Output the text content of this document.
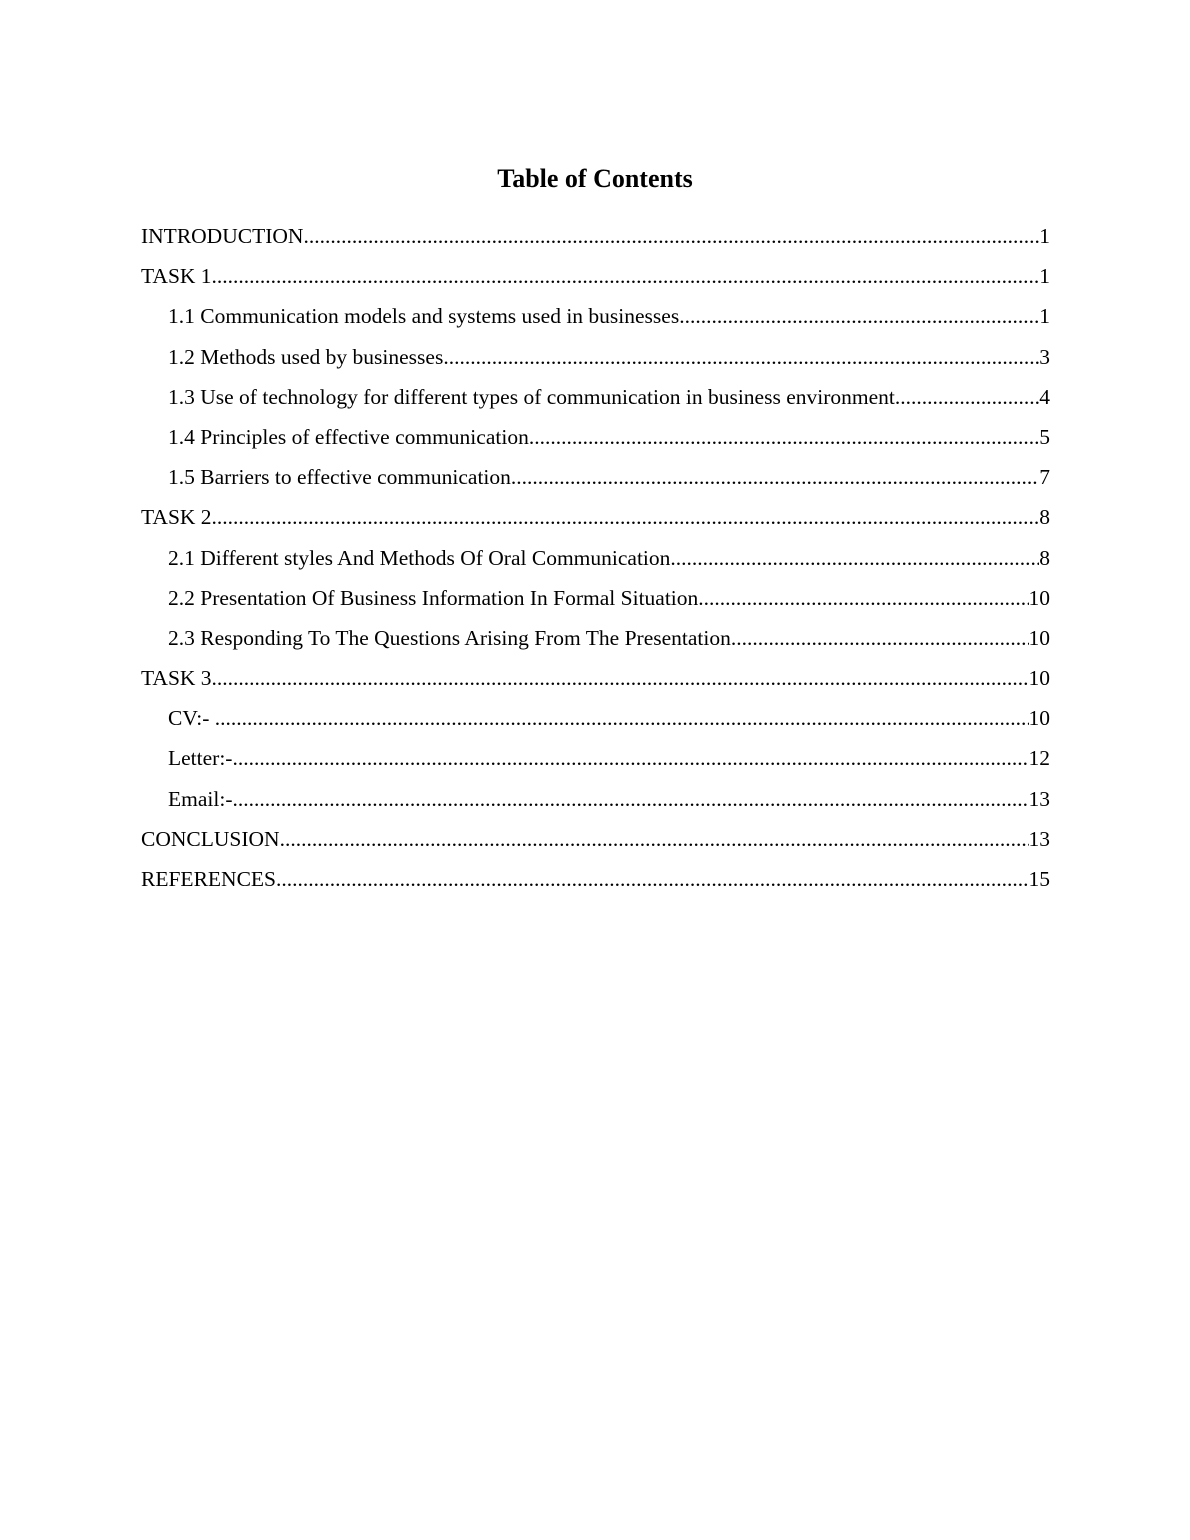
Table of Contents
INTRODUCTION .....	1
TASK 1 .....	1
1.1 Communication models and systems used in businesses .....	1
1.2 Methods used by businesses .....	3
1.3 Use of technology for different types of communication in business environment .....	4
1.4 Principles of effective communication .....	5
1.5 Barriers to effective communication .....	7
TASK 2 .....	8
2.1 Different styles And Methods Of Oral Communication .....	8
2.2 Presentation Of Business Information In Formal Situation .....	10
2.3 Responding To The Questions Arising From The Presentation .....	10
TASK 3 .....	10
CV:- .....	10
Letter:- .....	12
Email:- .....	13
CONCLUSION .....	13
REFERENCES .....	15
